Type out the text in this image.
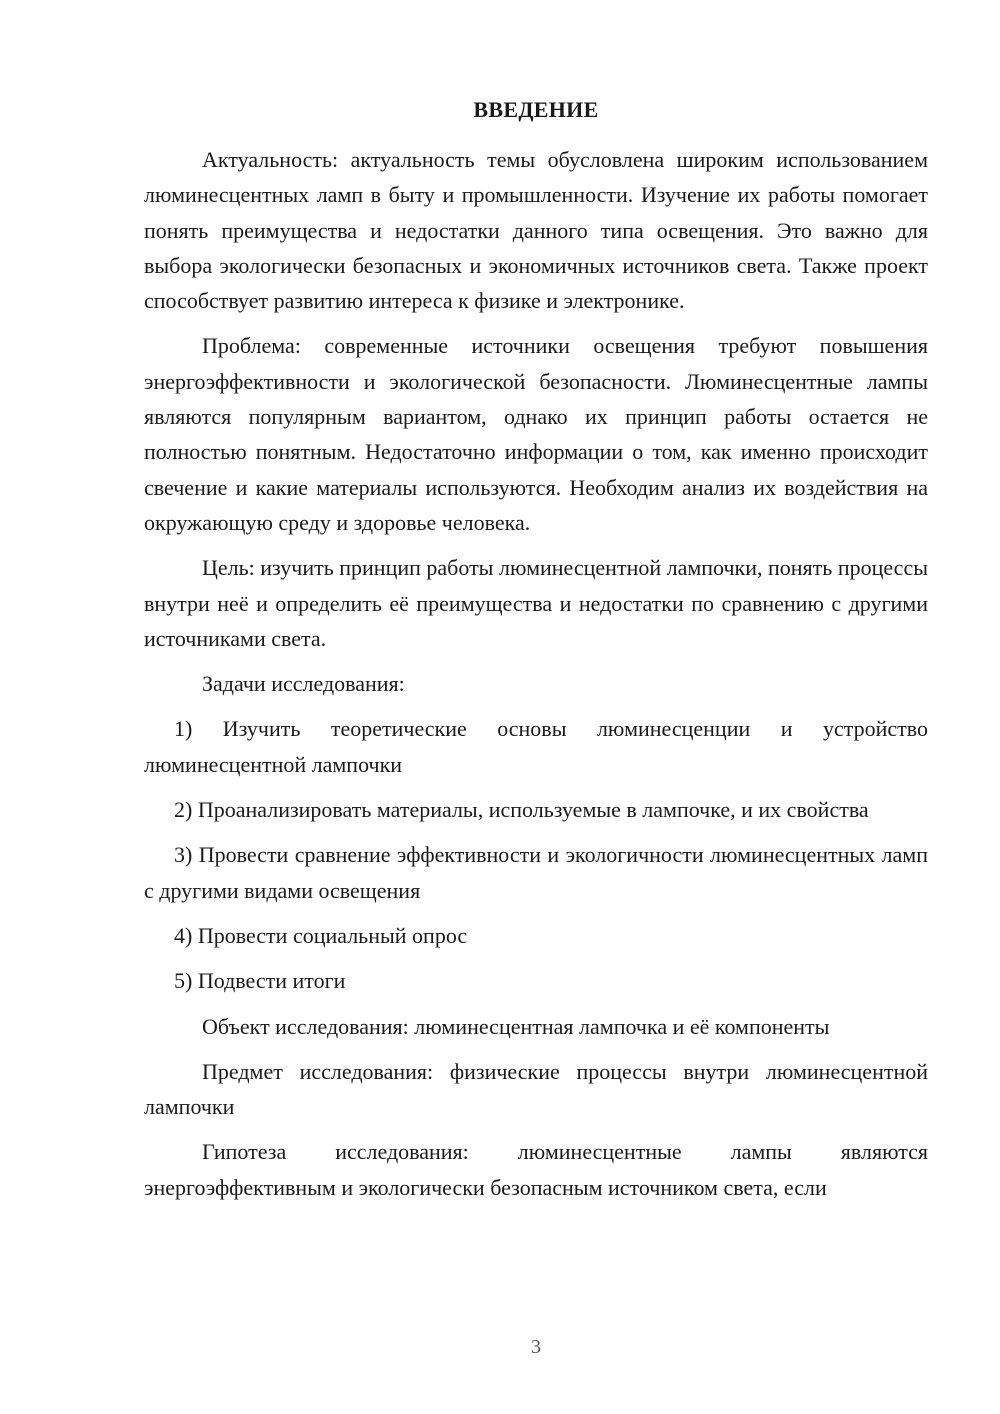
ВВЕДЕНИЕ

Актуальность: актуальность темы обусловлена широким использованием люминесцентных ламп в быту и промышленности. Изучение их работы помогает понять преимущества и недостатки данного типа освещения. Это важно для выбора экологически безопасных и экономичных источников света. Также проект способствует развитию интереса к физике и электронике.

Проблема: современные источники освещения требуют повышения энергоэффективности и экологической безопасности. Люминесцентные лампы являются популярным вариантом, однако их принцип работы остается не полностью понятным. Недостаточно информации о том, как именно происходит свечение и какие материалы используются. Необходим анализ их воздействия на окружающую среду и здоровье человека.

Цель: изучить принцип работы люминесцентной лампочки, понять процессы внутри неё и определить её преимущества и недостатки по сравнению с другими источниками света.

Задачи исследования:

1) Изучить теоретические основы люминесценции и устройство люминесцентной лампочки

2) Проанализировать материалы, используемые в лампочке, и их свойства

3) Провести сравнение эффективности и экологичности люминесцентных ламп с другими видами освещения

4) Провести социальный опрос

5) Подвести итоги

Объект исследования: люминесцентная лампочка и её компоненты

Предмет исследования: физические процессы внутри люминесцентной лампочки

Гипотеза исследования: люминесцентные лампы являются энергоэффективным и экологически безопасным источником света, если

3
